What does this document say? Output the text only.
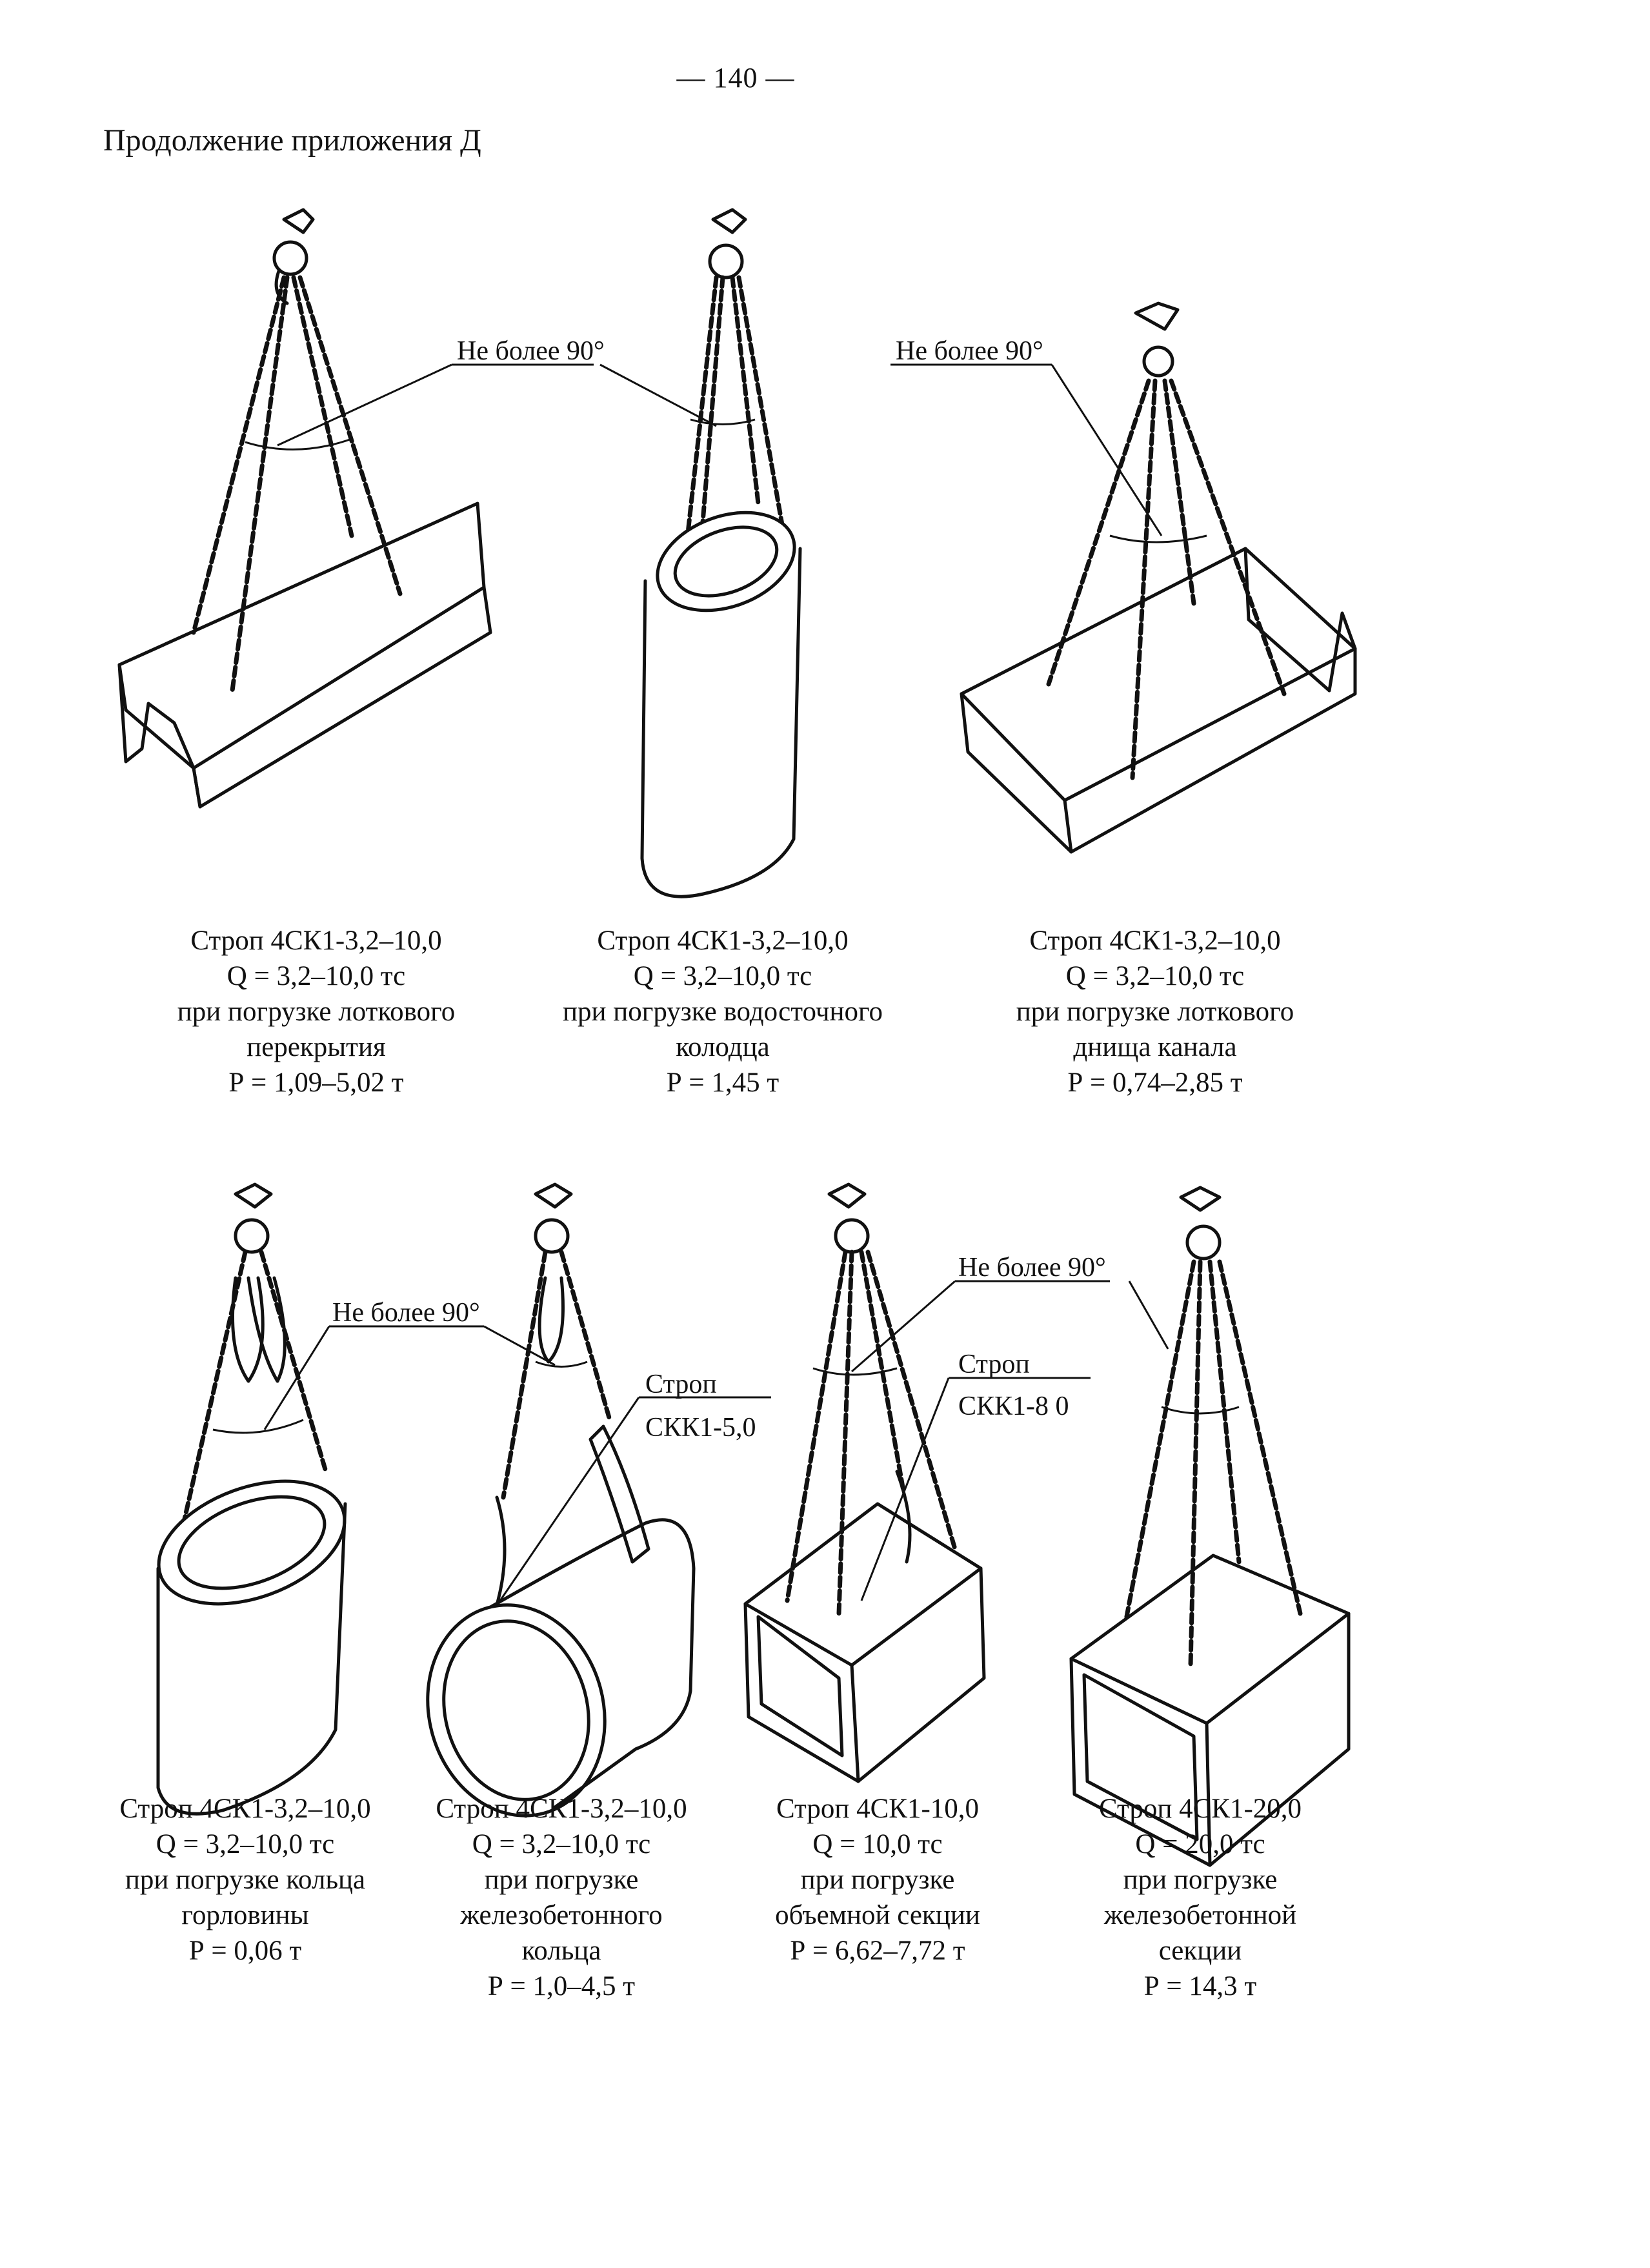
— 140 —
Продолжение приложения Д
Не более 90°	Не более 90°
Не более 90°
Строп
СКК1-5,0
Не более 90°
Строп
СКК1-8 0
Строп 4СК1-3,2–10,0
Q = 3,2–10,0 тс
при погрузке лоткового
перекрытия
Р = 1,09–5,02 т
Строп 4СК1-3,2–10,0
Q = 3,2–10,0 тс
при погрузке водосточного
колодца
Р = 1,45 т
Строп 4СК1-3,2–10,0
Q = 3,2–10,0 тс
при погрузке лоткового
днища канала
Р = 0,74–2,85 т
Строп 4СК1-3,2–10,0
Q = 3,2–10,0 тс
при погрузке кольца
горловины
Р = 0,06 т
Строп 4СК1-3,2–10,0
Q = 3,2–10,0 тс
при погрузке
железобетонного
кольца
Р = 1,0–4,5 т
Строп 4СК1-10,0
Q = 10,0 тс
при погрузке
объемной секции
Р = 6,62–7,72 т
Строп 4СК1-20,0
Q = 20,0 тс
при погрузке
железобетонной
секции
Р = 14,3 т
